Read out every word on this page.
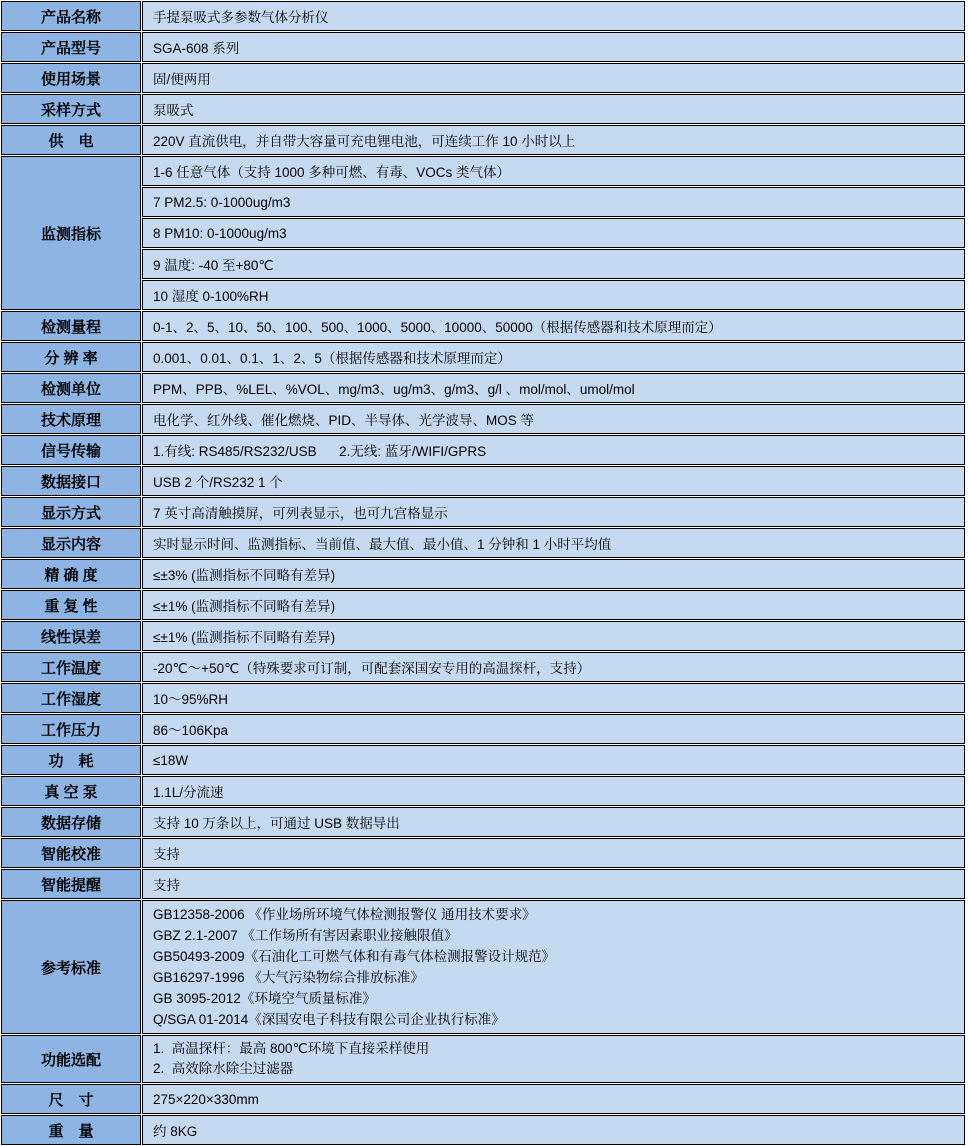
产品名称	手提泵吸式多参数气体分析仪
产品型号	SGA-608 系列
使用场景	固/便两用
采样方式	泵吸式
供　电	220V 直流供电，并自带大容量可充电锂电池，可连续工作 10 小时以上
监测指标	1-6 任意气体（支持 1000 多种可燃、有毒、VOCs 类气体）
	7 PM2.5: 0-1000ug/m3
	8 PM10: 0-1000ug/m3
	9 温度: -40 至+80℃
	10 湿度 0-100%RH
检测量程	0-1、2、5、10、50、100、500、1000、5000、10000、50000（根据传感器和技术原理而定）
分 辨 率	0.001、0.01、0.1、1、2、5（根据传感器和技术原理而定）
检测单位	PPM、PPB、%LEL、%VOL、mg/m3、ug/m3、g/m3、g/l 、mol/mol、umol/mol
技术原理	电化学、红外线、催化燃烧、PID、半导体、光学波导、MOS 等
信号传输	1.有线: RS485/RS232/USB      2.无线: 蓝牙/WIFI/GPRS
数据接口	USB 2 个/RS232 1 个
显示方式	7 英寸高清触摸屏，可列表显示，也可九宫格显示
显示内容	实时显示时间、监测指标、当前值、最大值、最小值、1 分钟和 1 小时平均值
精 确 度	≤±3% (监测指标不同略有差异)
重 复 性	≤±1% (监测指标不同略有差异)
线性误差	≤±1% (监测指标不同略有差异)
工作温度	-20℃～+50℃（特殊要求可订制，可配套深国安专用的高温探杆，支持）
工作湿度	10～95%RH
工作压力	86～106Kpa
功　耗	≤18W
真 空 泵	1.1L/分流速
数据存储	支持 10 万条以上，可通过 USB 数据导出
智能校准	支持
智能提醒	支持
参考标准	
GB12358-2006 《作业场所环境气体检测报警仪 通用技术要求》
GBZ 2.1-2007 《工作场所有害因素职业接触限值》
GB50493-2009《石油化工可燃气体和有毒气体检测报警设计规范》
GB16297-1996 《大气污染物综合排放标准》
GB 3095-2012《环境空气质量标准》
Q/SGA 01-2014《深国安电子科技有限公司企业执行标准》

功能选配	1.  高温探杆：最高 800℃环境下直接采样使用
2.  高效除水除尘过滤器

尺　寸	275×220×330mm
重　量	约 8KG
